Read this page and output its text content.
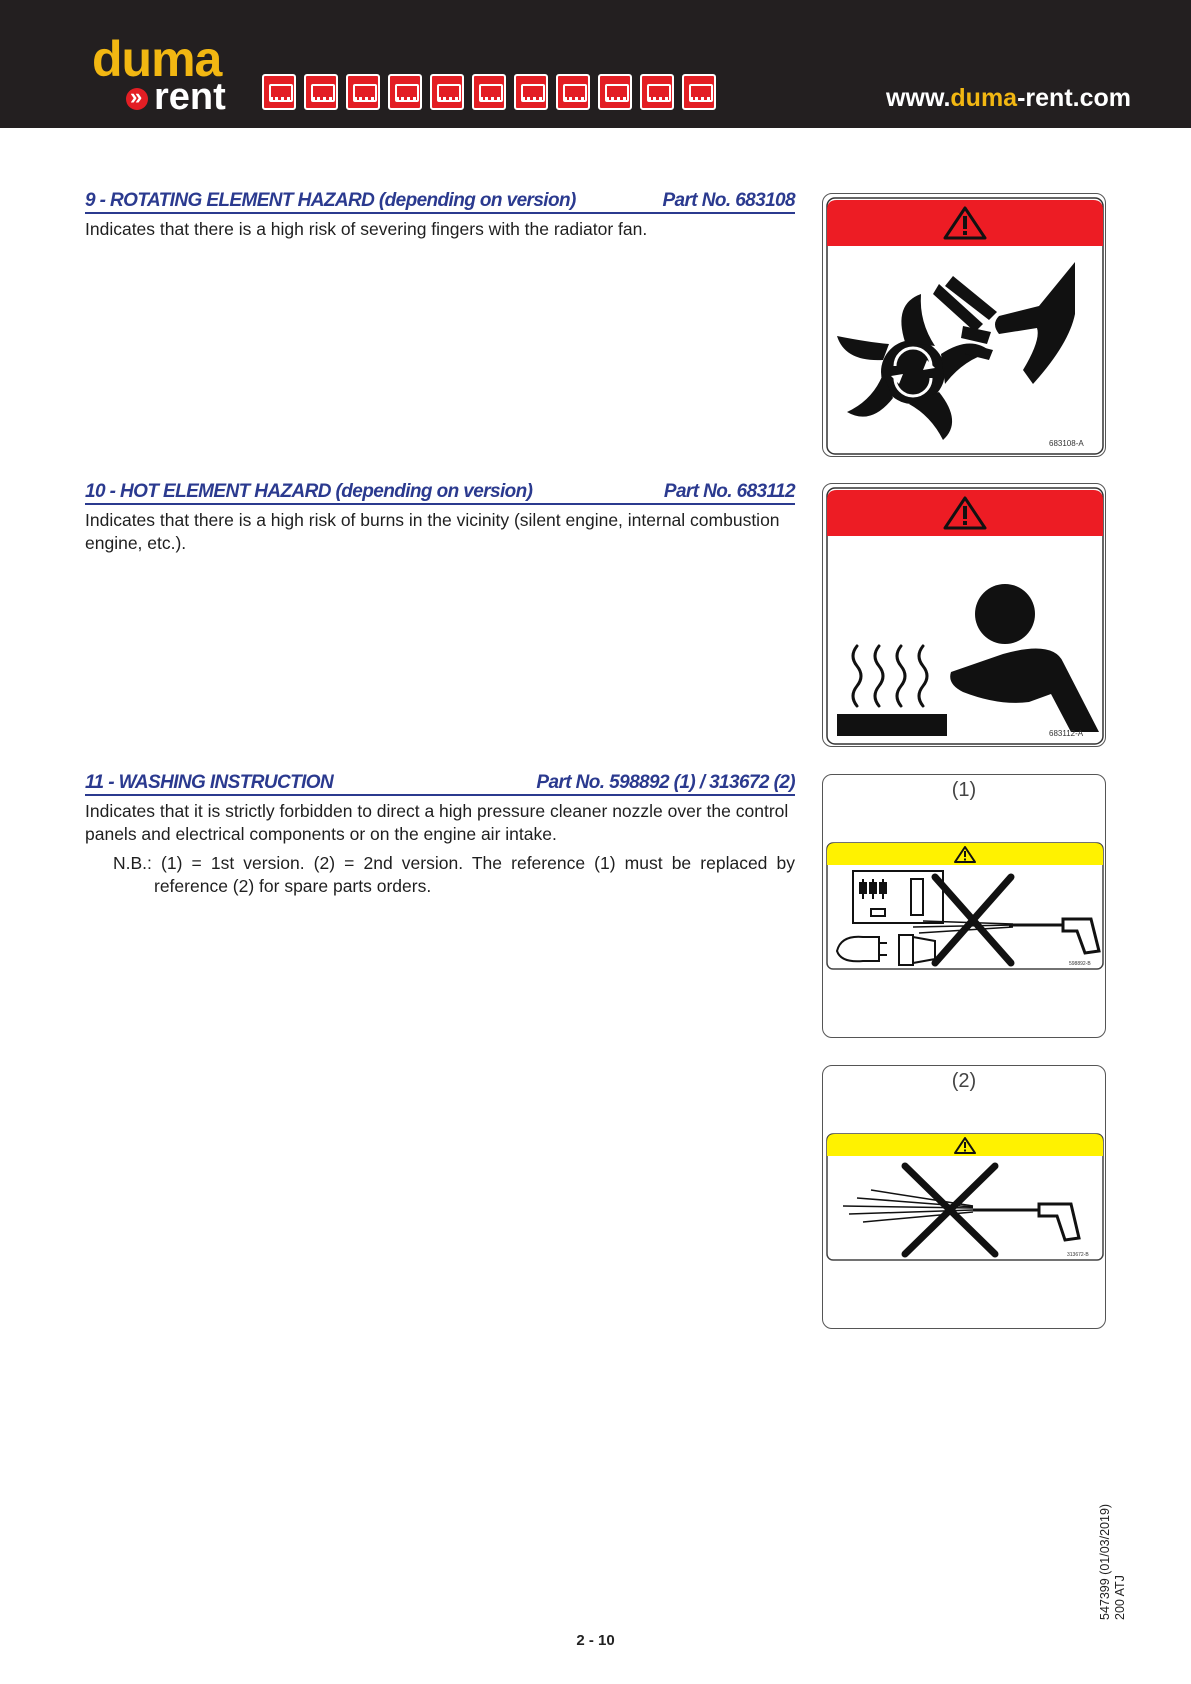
duma
»
rent	www.duma-rent.com
9 - ROTATING ELEMENT HAZARD (depending on version)	Part No. 683108
Indicates that there is a high risk of severing fingers with the radiator fan.
683108-A
10 - HOT ELEMENT HAZARD (depending on version)	Part No. 683112
Indicates that there is a high risk of burns in the vicinity (silent engine, internal combustion engine, etc.).
683112-A
11 - WASHING INSTRUCTION	Part No. 598892 (1) / 313672 (2)
Indicates that it is strictly forbidden to direct a high pressure cleaner nozzle over the control panels and electrical components or on the engine air intake.
N.B.: (1) = 1st version. (2) = 2nd version. The reference (1) must be replaced by reference (2) for spare parts orders.
(1)
598892-B
(2)
313672-B
2 - 10
547399 (01/03/2019) 200 ATJ
